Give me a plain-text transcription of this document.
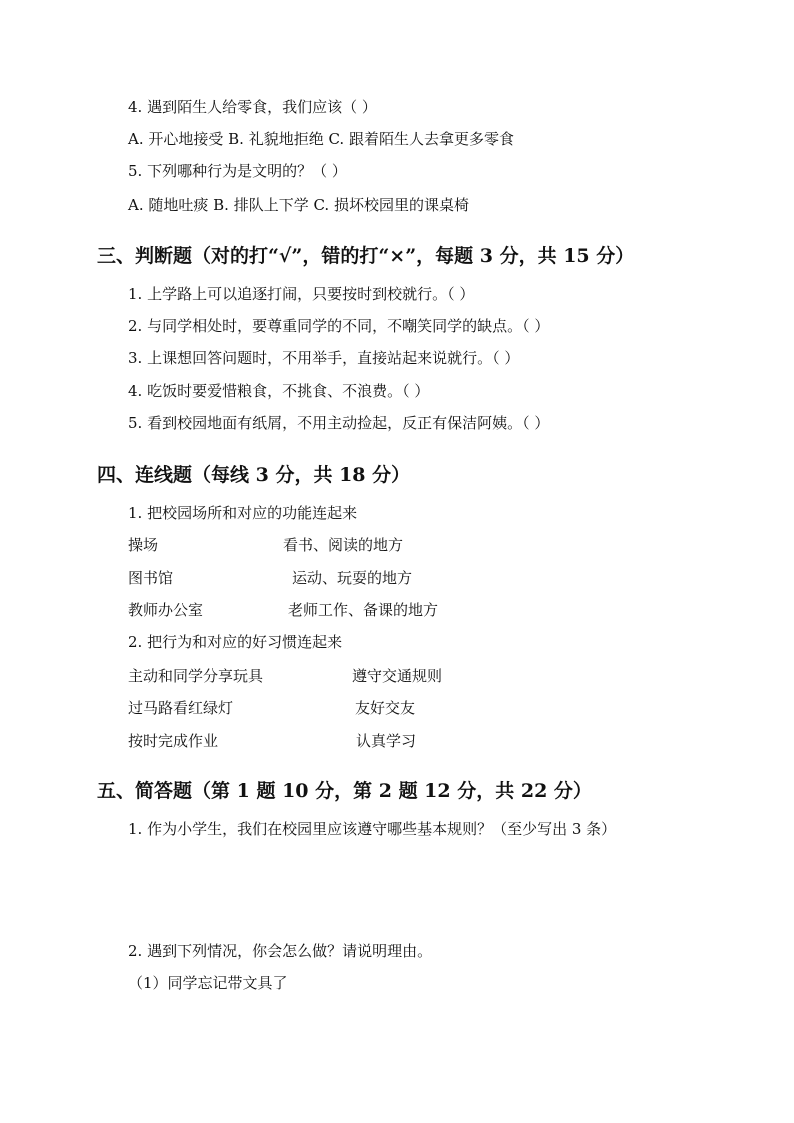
4. 遇到陌生人给零食，我们应该（ ）
A. 开心地接受 B. 礼貌地拒绝 C. 跟着陌生人去拿更多零食
5. 下列哪种行为是文明的？（ ）
A. 随地吐痰 B. 排队上下学 C. 损坏校园里的课桌椅
三、判断题（对的打“√”，错的打“×”，每题 3 分，共 15 分）
1. 上学路上可以追逐打闹，只要按时到校就行。（ ）
2. 与同学相处时，要尊重同学的不同，不嘲笑同学的缺点。（ ）
3. 上课想回答问题时，不用举手，直接站起来说就行。（ ）
4. 吃饭时要爱惜粮食，不挑食、不浪费。（ ）
5. 看到校园地面有纸屑，不用主动捡起，反正有保洁阿姨。（ ）
四、连线题（每线 3 分，共 18 分）
1. 把校园场所和对应的功能连起来
操场	看书、阅读的地方
图书馆	运动、玩耍的地方
教师办公室	老师工作、备课的地方
2. 把行为和对应的好习惯连起来
主动和同学分享玩具	遵守交通规则
过马路看红绿灯	友好交友
按时完成作业	认真学习
五、简答题（第 1 题 10 分，第 2 题 12 分，共 22 分）
1. 作为小学生，我们在校园里应该遵守哪些基本规则？（至少写出 3 条）
2. 遇到下列情况，你会怎么做？请说明理由。
（1）同学忘记带文具了
